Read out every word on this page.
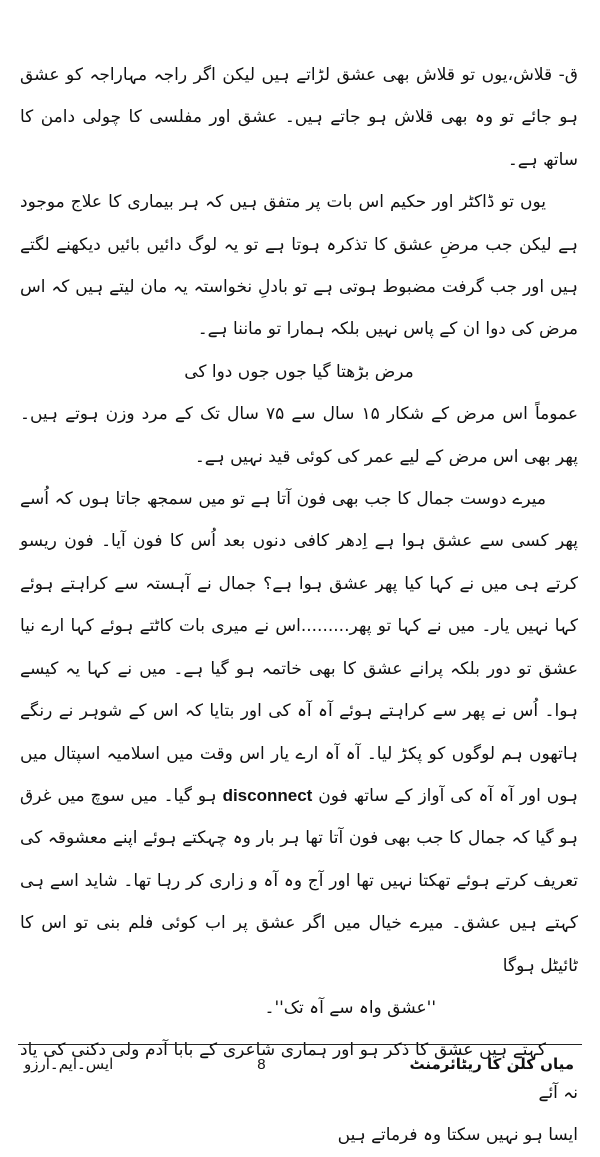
ق- قلاش،یوں تو قلاش بھی عشق لڑاتے ہیں لیکن اگر راجہ مہاراجہ کو عشق ہو جائے تو وہ بھی قلاش ہو جاتے ہیں۔ عشق اور مفلسی کا چولی دامن کا ساتھ ہے۔

یوں تو ڈاکٹر اور حکیم اس بات پر متفق ہیں کہ ہر بیماری کا علاج موجود ہے لیکن جب مرضِ عشق کا تذکرہ ہوتا ہے تو یہ لوگ دائیں بائیں دیکھنے لگتے ہیں اور جب گرفت مضبوط ہوتی ہے تو بادلِ نخواستہ یہ مان لیتے ہیں کہ اس مرض کی دوا ان کے پاس نہیں بلکہ ہمارا تو ماننا ہے۔

مرض بڑھتا گیا جوں جوں دوا کی

عموماً اس مرض کے شکار ۱۵ سال سے ۷۵ سال تک کے مرد وزن ہوتے ہیں۔ پھر بھی اس مرض کے لیے عمر کی کوئی قید نہیں ہے۔

میرے دوست جمال کا جب بھی فون آتا ہے تو میں سمجھ جاتا ہوں کہ اُسے پھر کسی سے عشق ہوا ہے اِدھر کافی دنوں بعد اُس کا فون آیا۔ فون ریسو کرتے ہی میں نے کہا کیا پھر عشق ہوا ہے؟ جمال نے آہستہ سے کراہتے ہوئے کہا نہیں یار۔ میں نے کہا تو پھر.........اس نے میری بات کاٹتے ہوئے کہا ارے نیا عشق تو دور بلکہ پرانے عشق کا بھی خاتمہ ہو گیا ہے۔ میں نے کہا یہ کیسے ہوا۔ اُس نے پھر سے کراہتے ہوئے آہ آہ کی اور بتایا کہ اس کے شوہر نے رنگے ہاتھوں ہم لوگوں کو پکڑ لیا۔ آہ آہ ارے یار اس وقت میں اسلامیہ اسپتال میں ہوں اور آہ آہ کی آواز کے ساتھ فون disconnect ہو گیا۔ میں سوچ میں غرق ہو گیا کہ جمال کا جب بھی فون آتا تھا ہر بار وہ چہکتے ہوئے اپنے معشوقہ کی تعریف کرتے ہوئے تھکتا نہیں تھا اور آج وہ آہ و زاری کر رہا تھا۔ شاید اسے ہی کہتے ہیں عشق۔ میرے خیال میں اگر عشق پر اب کوئی فلم بنی تو اس کا ٹائیٹل ہوگا

''عشق واہ سے آہ تک''۔

کہتے ہیں عشق کا ذکر ہو اور ہماری شاعری کے بابا آدم ولی دکنی کی یاد نہ آئے
ایسا ہو نہیں سکتا وہ فرماتے ہیں

ایس۔ایم۔آرزو	8	میاں کلن کا ریٹائرمنٹ
